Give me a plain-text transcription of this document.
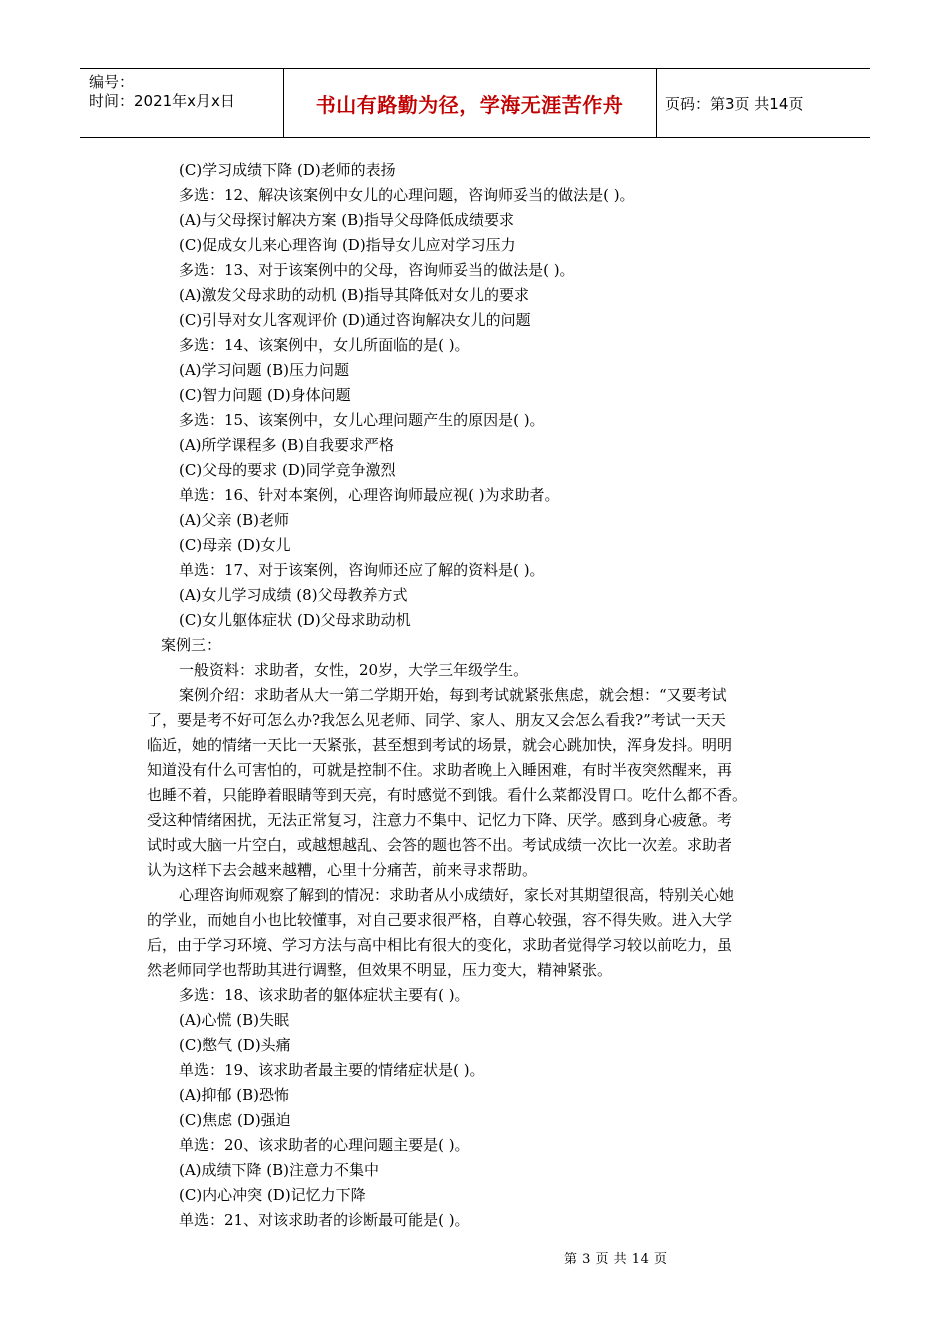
编号：
时间：2021年x月x日	书山有路勤为径，学海无涯苦作舟	页码：第3页 共14页

(C)学习成绩下降 (D)老师的表扬

多选：12、解决该案例中女儿的心理问题，咨询师妥当的做法是( )。

(A)与父母探讨解决方案 (B)指导父母降低成绩要求

(C)促成女儿来心理咨询 (D)指导女儿应对学习压力

多选：13、对于该案例中的父母，咨询师妥当的做法是( )。

(A)激发父母求助的动机 (B)指导其降低对女儿的要求

(C)引导对女儿客观评价 (D)通过咨询解决女儿的问题

多选：14、该案例中，女儿所面临的是( )。

(A)学习问题 (B)压力问题

(C)智力问题 (D)身体问题

多选：15、该案例中，女儿心理问题产生的原因是( )。

(A)所学课程多 (B)自我要求严格

(C)父母的要求 (D)同学竞争激烈

单选：16、针对本案例，心理咨询师最应视( )为求助者。

(A)父亲 (B)老师

(C)母亲 (D)女儿

单选：17、对于该案例，咨询师还应了解的资料是( )。

(A)女儿学习成绩 (8)父母教养方式

(C)女儿躯体症状 (D)父母求助动机

案例三：

一般资料：求助者，女性，20岁，大学三年级学生。

案例介绍：求助者从大一第二学期开始，每到考试就紧张焦虑，就会想：“又要考试

了，要是考不好可怎么办?我怎么见老师、同学、家人、朋友又会怎么看我?”考试一天天

临近，她的情绪一天比一天紧张，甚至想到考试的场景，就会心跳加快，浑身发抖。明明

知道没有什么可害怕的，可就是控制不住。求助者晚上入睡困难，有时半夜突然醒来，再

也睡不着，只能睁着眼睛等到天亮，有时感觉不到饿。看什么菜都没胃口。吃什么都不香。

受这种情绪困扰，无法正常复习，注意力不集中、记忆力下降、厌学。感到身心疲惫。考

试时或大脑一片空白，或越想越乱、会答的题也答不出。考试成绩一次比一次差。求助者

认为这样下去会越来越糟，心里十分痛苦，前来寻求帮助。

心理咨询师观察了解到的情况：求助者从小成绩好，家长对其期望很高，特别关心她

的学业，而她自小也比较懂事，对自己要求很严格，自尊心较强，容不得失败。进入大学

后，由于学习环境、学习方法与高中相比有很大的变化，求助者觉得学习较以前吃力，虽

然老师同学也帮助其进行调整，但效果不明显，压力变大，精神紧张。

多选：18、该求助者的躯体症状主要有( )。

(A)心慌 (B)失眠

(C)憋气 (D)头痛

单选：19、该求助者最主要的情绪症状是( )。

(A)抑郁 (B)恐怖

(C)焦虑 (D)强迫

单选：20、该求助者的心理问题主要是( )。

(A)成绩下降 (B)注意力不集中

(C)内心冲突 (D)记忆力下降

单选：21、对该求助者的诊断最可能是( )。

第 3 页 共 14 页
